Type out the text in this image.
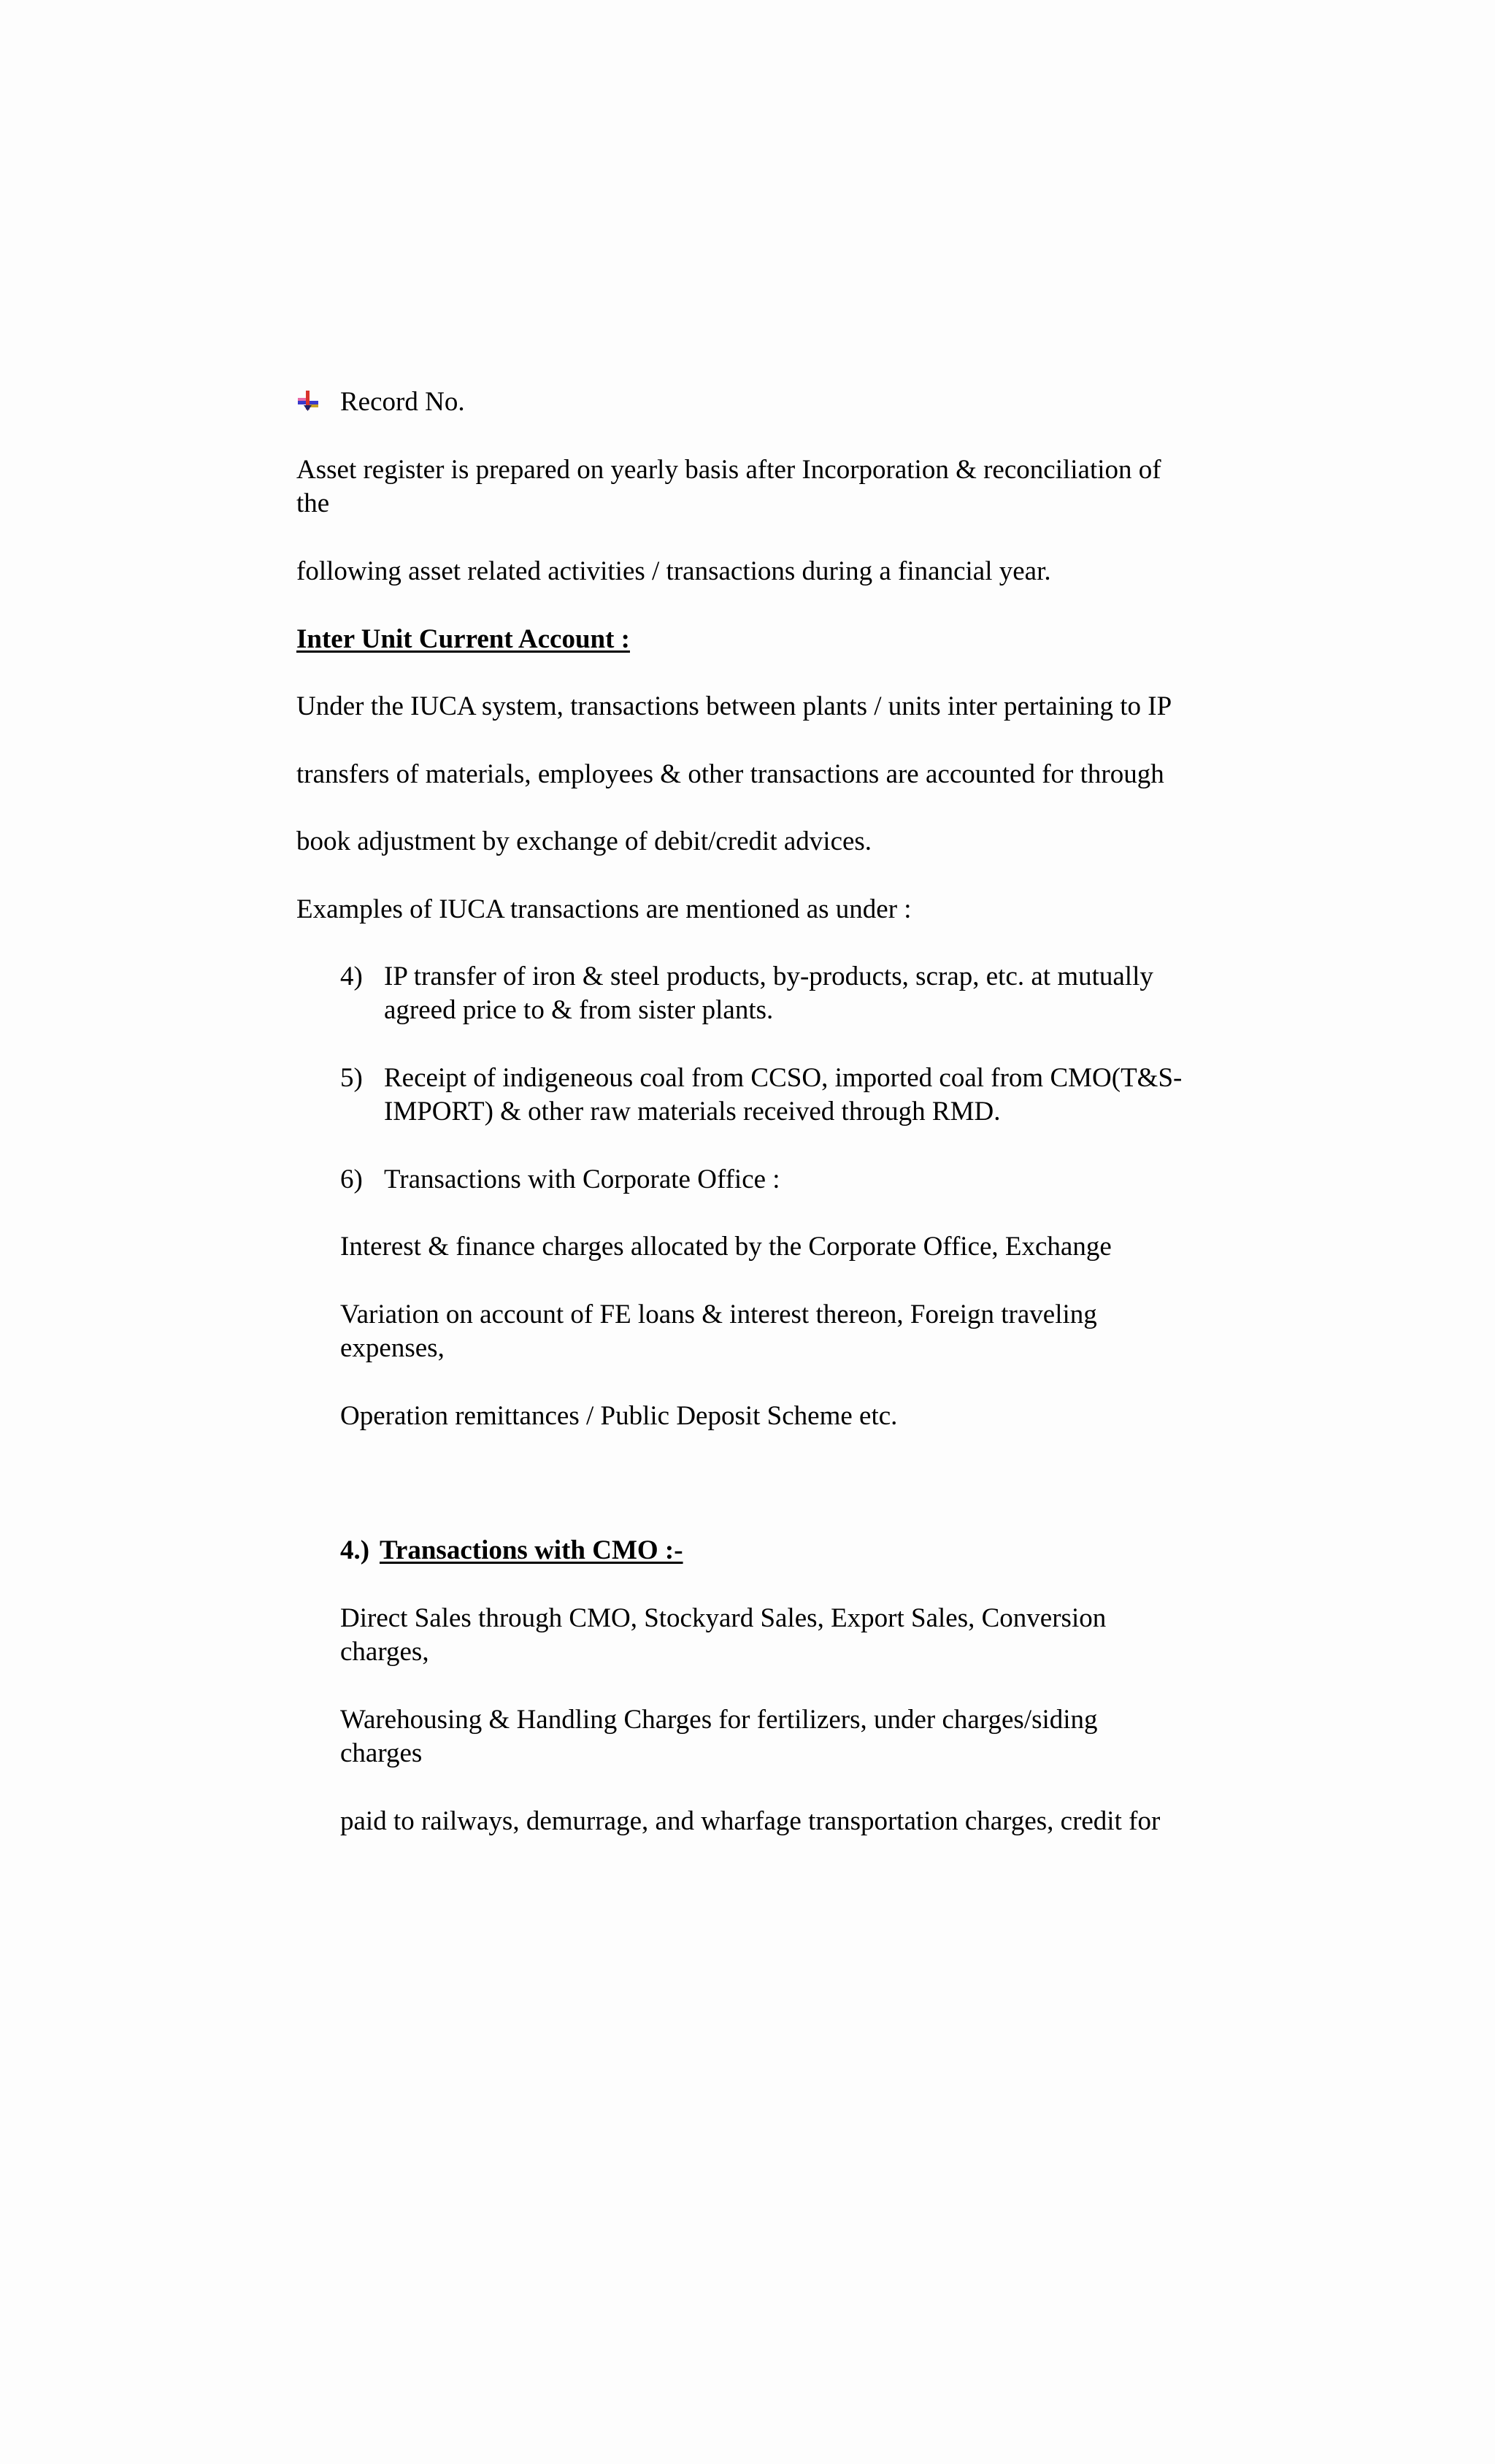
Record No.

Asset register is prepared on yearly basis after Incorporation & reconciliation of

the

following asset related activities / transactions during a financial year.

Inter Unit Current Account :

Under the IUCA system, transactions between plants / units inter pertaining to IP

transfers of materials, employees & other transactions are accounted for through

book adjustment by exchange of debit/credit advices.

Examples of IUCA transactions are mentioned as under :

4) IP transfer of iron & steel products, by-products, scrap, etc. at mutually

agreed price to & from sister plants.

5) Receipt of indigeneous coal from CCSO, imported coal from CMO(T&S-

IMPORT) & other raw materials received through RMD.

6) Transactions with Corporate Office :

Interest & finance charges allocated by the Corporate Office, Exchange

Variation on account of FE loans & interest thereon, Foreign traveling

expenses,

Operation remittances / Public Deposit Scheme etc.

4.) Transactions with CMO :-

Direct Sales through CMO, Stockyard Sales, Export Sales, Conversion

charges,

Warehousing & Handling Charges for fertilizers, under charges/siding

charges

paid to railways, demurrage, and wharfage transportation charges, credit for
